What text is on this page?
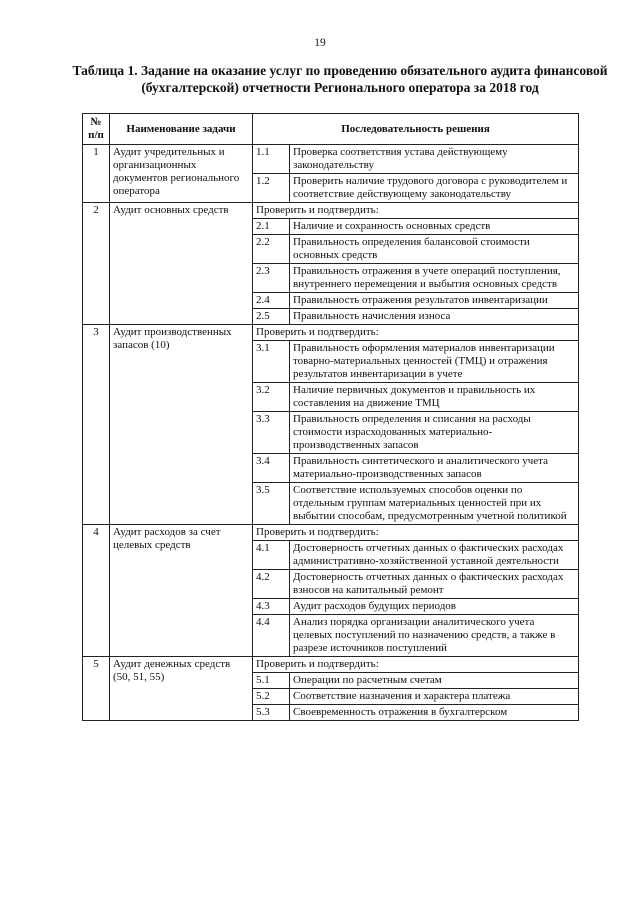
19
Таблица 1. Задание на оказание услуг по проведению обязательного аудита финансовой (бухгалтерской) отчетности Регионального оператора за 2018 год
№ п/п	Наименование задачи	Последовательность решения
1	Аудит учредительных и организационных документов регионального оператора	
1.1	Проверка соответствия устава действующему законодательству
1.2	Проверить наличие трудового договора с руководителем и соответствие действующему законодательству

2	Аудит основных средств	Проверить и подтвердить:
2.1	Наличие и сохранность основных средств
2.2	Правильность определения балансовой стоимости основных средств
2.3	Правильность отражения в учете операций поступления, внутреннего перемещения и выбытия основных средств
2.4	Правильность отражения результатов инвентаризации
2.5	Правильность начисления износа

3	Аудит производственных запасов (10)	
Проверить и подтвердить:
3.1	Правильность оформления материалов инвентаризации товарно-материальных ценностей (ТМЦ) и отражения результатов инвентаризации в учете
3.2	Наличие первичных документов и правильность их составления на движение ТМЦ
3.3	Правильность определения и списания на расходы стоимости израсходованных материально-производственных запасов
3.4	Правильность синтетического и аналитического учета материально-производственных запасов
3.5	Соответствие используемых способов оценки по отдельным группам материальных ценностей при их выбытии способам, предусмотренным учетной политикой

4	Аудит расходов за счет целевых средств	
Проверить и подтвердить:
4.1	Достоверность отчетных данных о фактических расходах административно-хозяйственной уставной деятельности
4.2	Достоверность отчетных данных о фактических расходах взносов на капитальный ремонт
4.3	Аудит расходов будущих периодов
4.4	Анализ порядка организации аналитического учета целевых поступлений по назначению средств, а также в разрезе источников поступлений

5	Аудит денежных средств (50, 51, 55)	
Проверить и подтвердить:
5.1	Операции по расчетным счетам
5.2	Соответствие назначения и характера платежа
5.3	Своевременность отражения в бухгалтерском
